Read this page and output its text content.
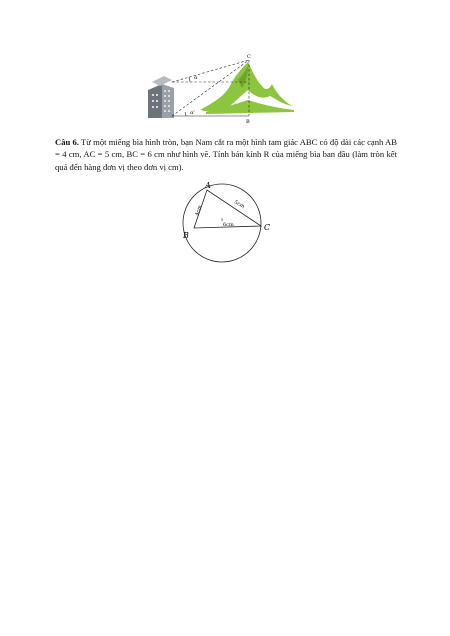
C
α
α'
B
Câu 6. Từ một miếng bìa hình tròn, bạn Nam cắt ra một hình tam giác ABC có độ dài các cạnh AB = 4 cm, AC = 5 cm, BC = 6 cm như hình vẽ. Tính bán kính R của miếng bìa ban đầu (làm tròn kết quả đến hàng đơn vị theo đơn vị cm).
A
B
C
4cm	5cm
6cm
